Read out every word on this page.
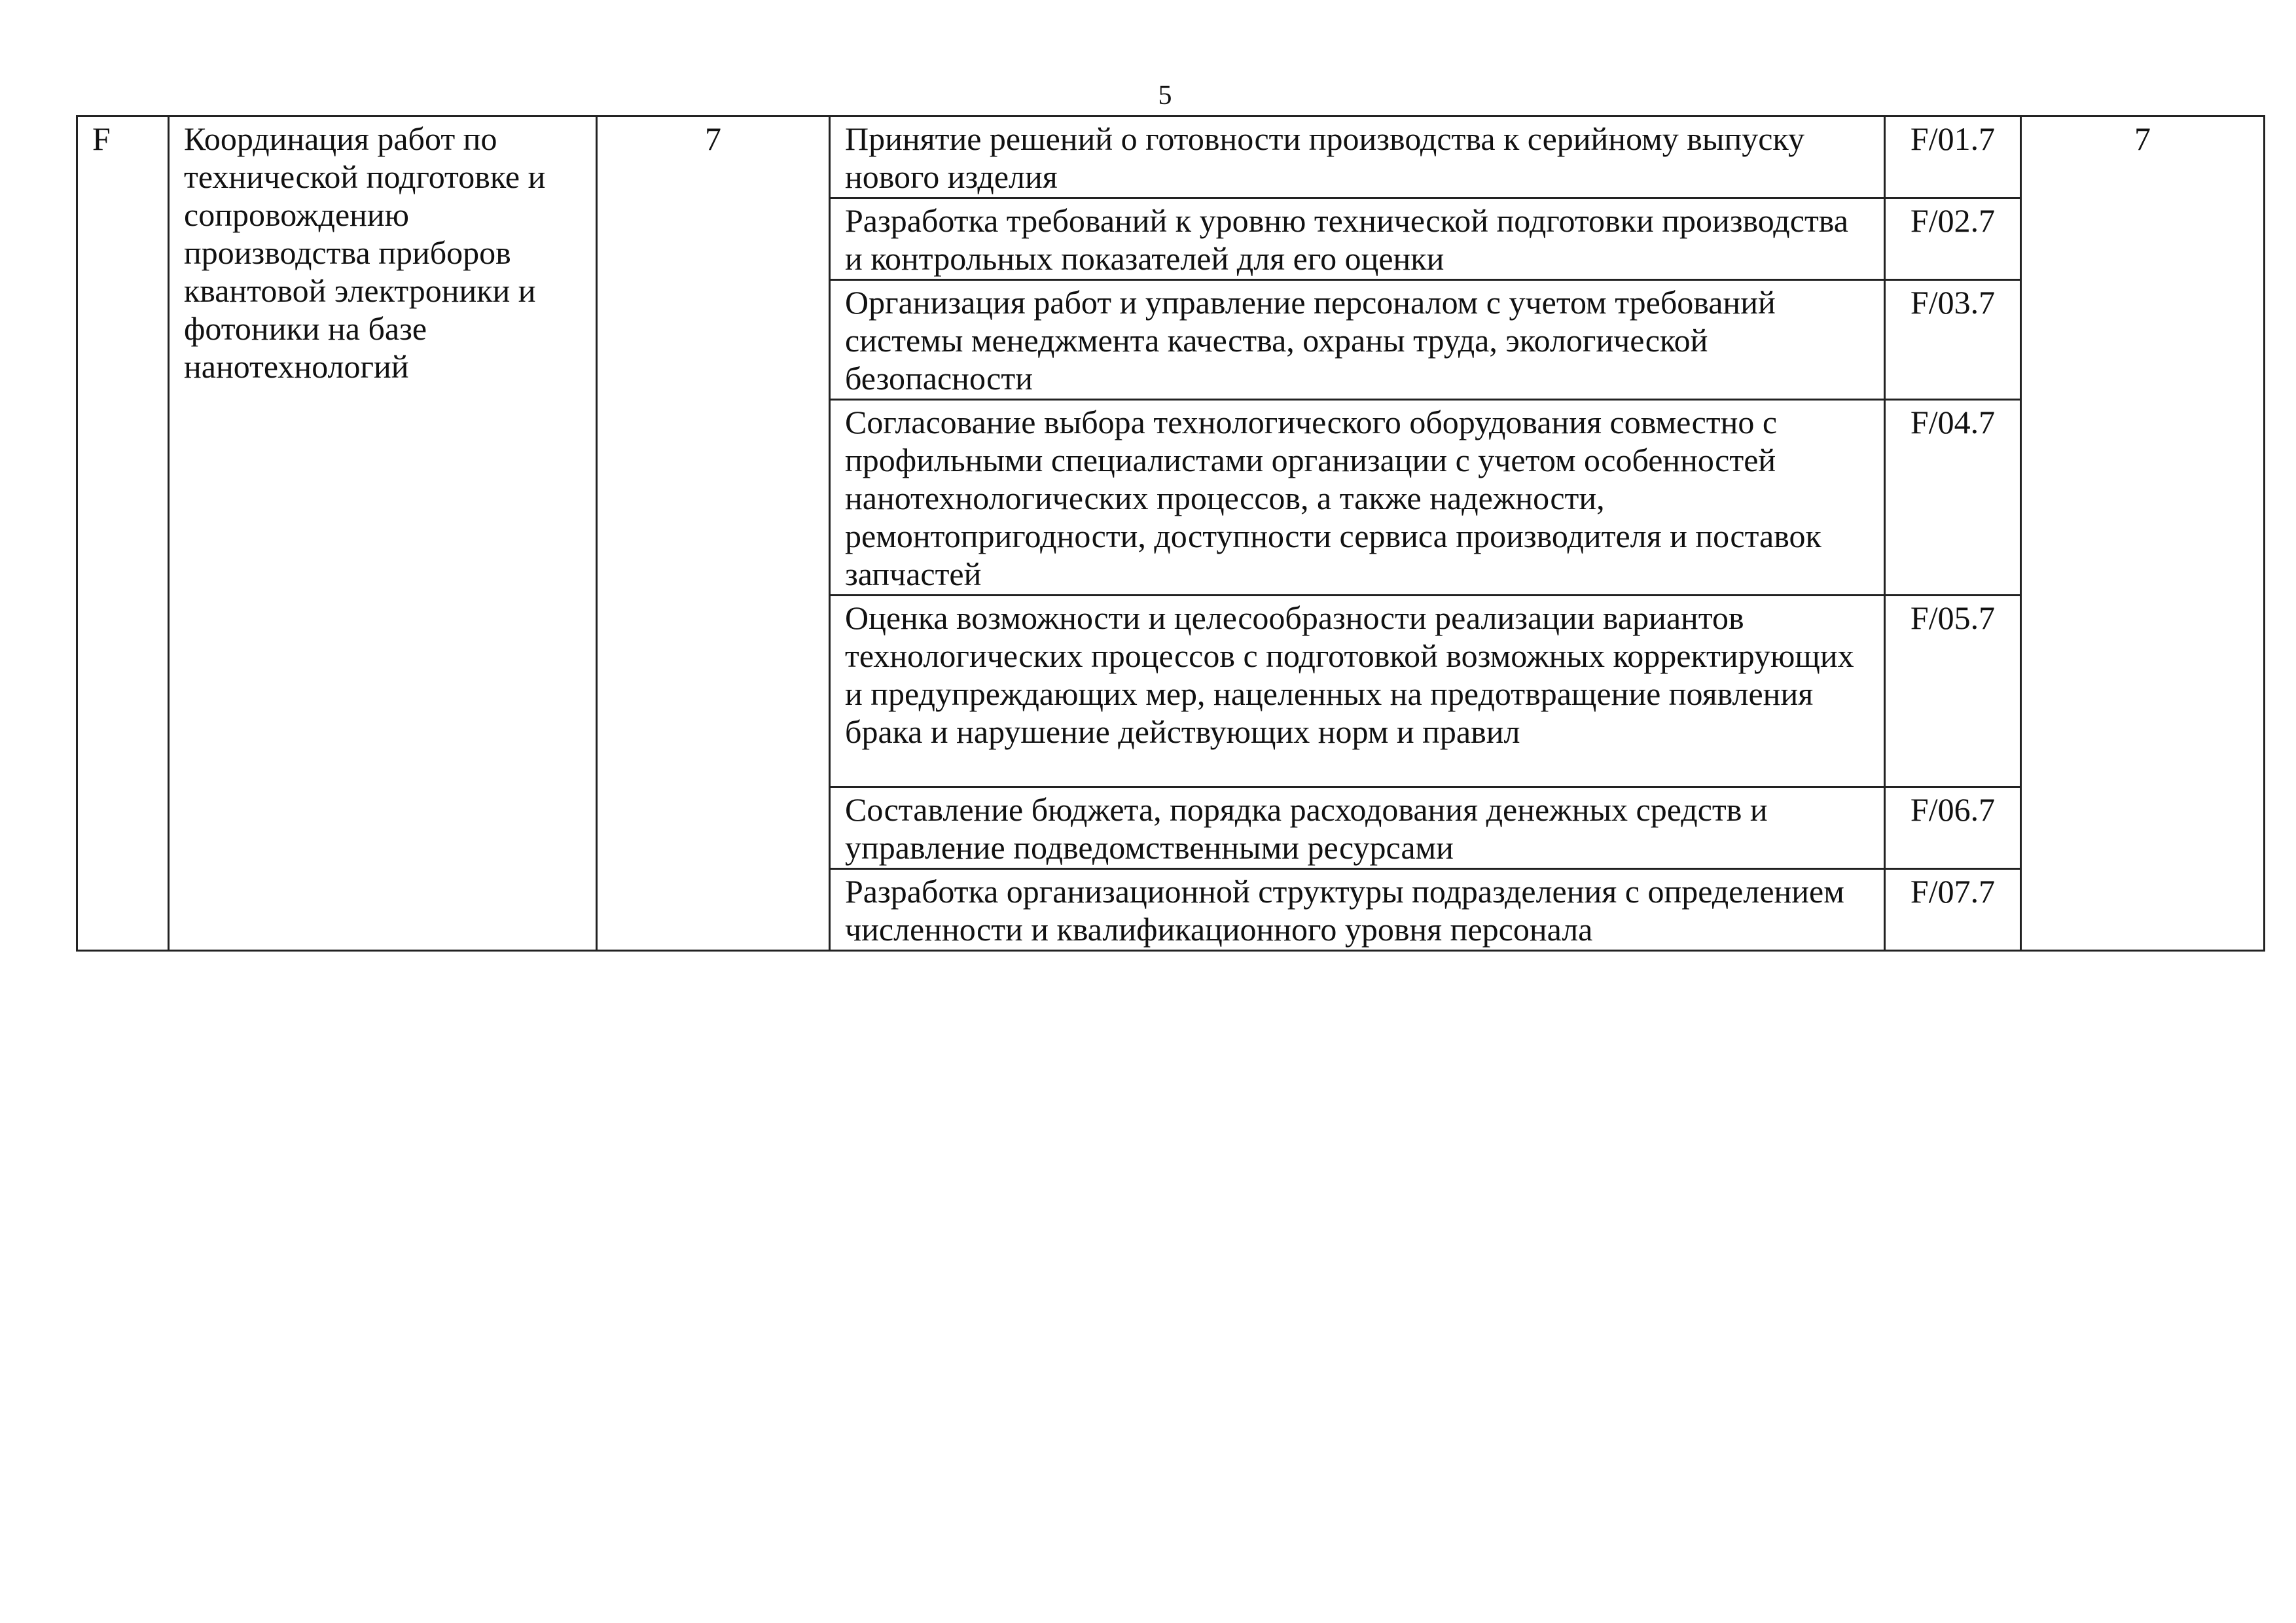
5
F	Координация работ по технической подготовке и сопровождению производства приборов квантовой электроники и фотоники на базе нанотехнологий	7	Принятие решений о готовности производства к серийному выпуску нового изделия	F/01.7	7
			Разработка требований к уровню технической подготовки производства и контрольных показателей для его оценки	F/02.7	
			Организация работ и управление персоналом с учетом требований системы менеджмента качества, охраны труда, экологической безопасности	F/03.7	
			Согласование выбора технологического оборудования совместно с профильными специалистами организации с учетом особенностей нанотехнологических процессов, а также надежности, ремонтопригодности, доступности сервиса производителя и поставок запчастей	F/04.7	
			Оценка возможности и целесообразности реализации вариантов технологических процессов с подготовкой возможных корректирующих и предупреждающих мер, нацеленных на предотвращение появления брака и нарушение действующих норм и правил	F/05.7	
			Составление бюджета, порядка расходования денежных средств и управление подведомственными ресурсами	F/06.7	
			Разработка организационной структуры подразделения с определением численности и квалификационного уровня персонала	F/07.7	
